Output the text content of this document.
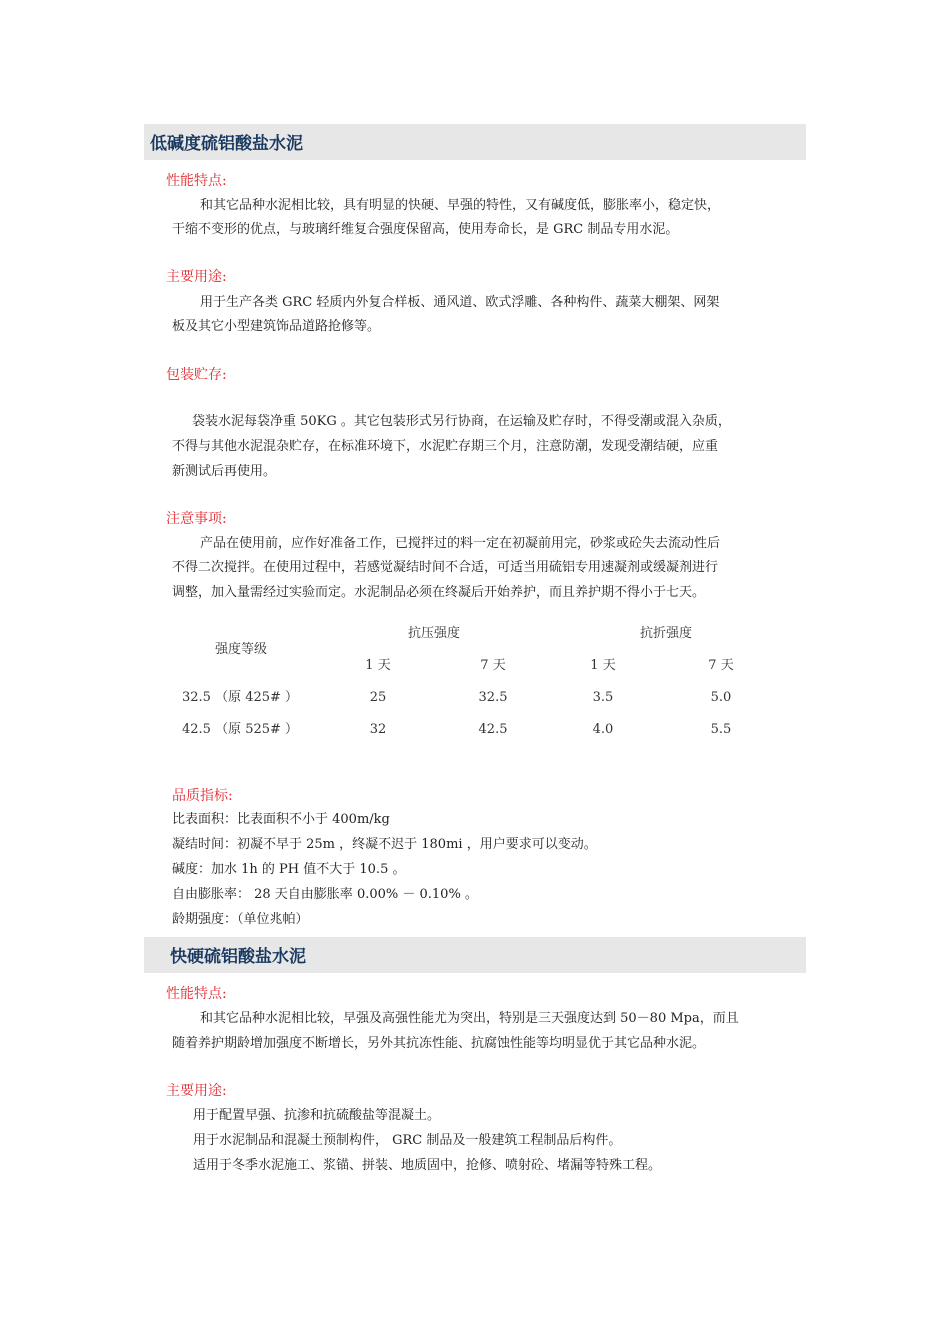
低碱度硫铝酸盐水泥
性能特点:
和其它品种水泥相比较，具有明显的快硬、早强的特性，又有碱度低，膨胀率小，稳定快，
干缩不变形的优点，与玻璃纤维复合强度保留高，使用寿命长，是 GRC 制品专用水泥。
主要用途:
用于生产各类 GRC 轻质内外复合样板、通风道、欧式浮雕、各种构件、蔬菜大棚架、网架
板及其它小型建筑饰品道路抢修等。
包装贮存:
袋装水泥每袋净重 50KG 。其它包装形式另行协商，在运输及贮存时，不得受潮或混入杂质，
不得与其他水泥混杂贮存，在标准环境下，水泥贮存期三个月，注意防潮，发现受潮结硬，应重
新测试后再使用。
注意事项:
产品在使用前，应作好准备工作，已搅拌过的料一定在初凝前用完，砂浆或砼失去流动性后
不得二次搅拌。在使用过程中，若感觉凝结时间不合适，可适当用硫铝专用速凝剂或缓凝剂进行
调整，加入量需经过实验而定。水泥制品必须在终凝后开始养护，而且养护期不得小于七天。
强度等级
抗压强度	抗折强度
1 天	7 天	1 天	7 天
32.5 （原 425# ）	25	32.5	3.5	5.0
42.5 （原 525# ）	32	42.5	4.0	5.5
品质指标:
比表面积：比表面积不小于 400m/kg
凝结时间：初凝不早于 25m ，终凝不迟于 180mi ，用户要求可以变动。
碱度：加水 1h 的 PH 值不大于 10.5 。
自由膨胀率： 28 天自由膨胀率 0.00% － 0.10% 。
龄期强度：（单位兆帕）
快硬硫铝酸盐水泥
性能特点:
和其它品种水泥相比较，早强及高强性能尤为突出，特别是三天强度达到 50－80 Mpa，而且
随着养护期龄增加强度不断增长，另外其抗冻性能、抗腐蚀性能等均明显优于其它品种水泥。
主要用途:
用于配置早强、抗渗和抗硫酸盐等混凝土。
用于水泥制品和混凝土预制构件， GRC 制品及一般建筑工程制品后构件。
适用于冬季水泥施工、浆锚、拼装、地质固中，抢修、喷射砼、堵漏等特殊工程。
